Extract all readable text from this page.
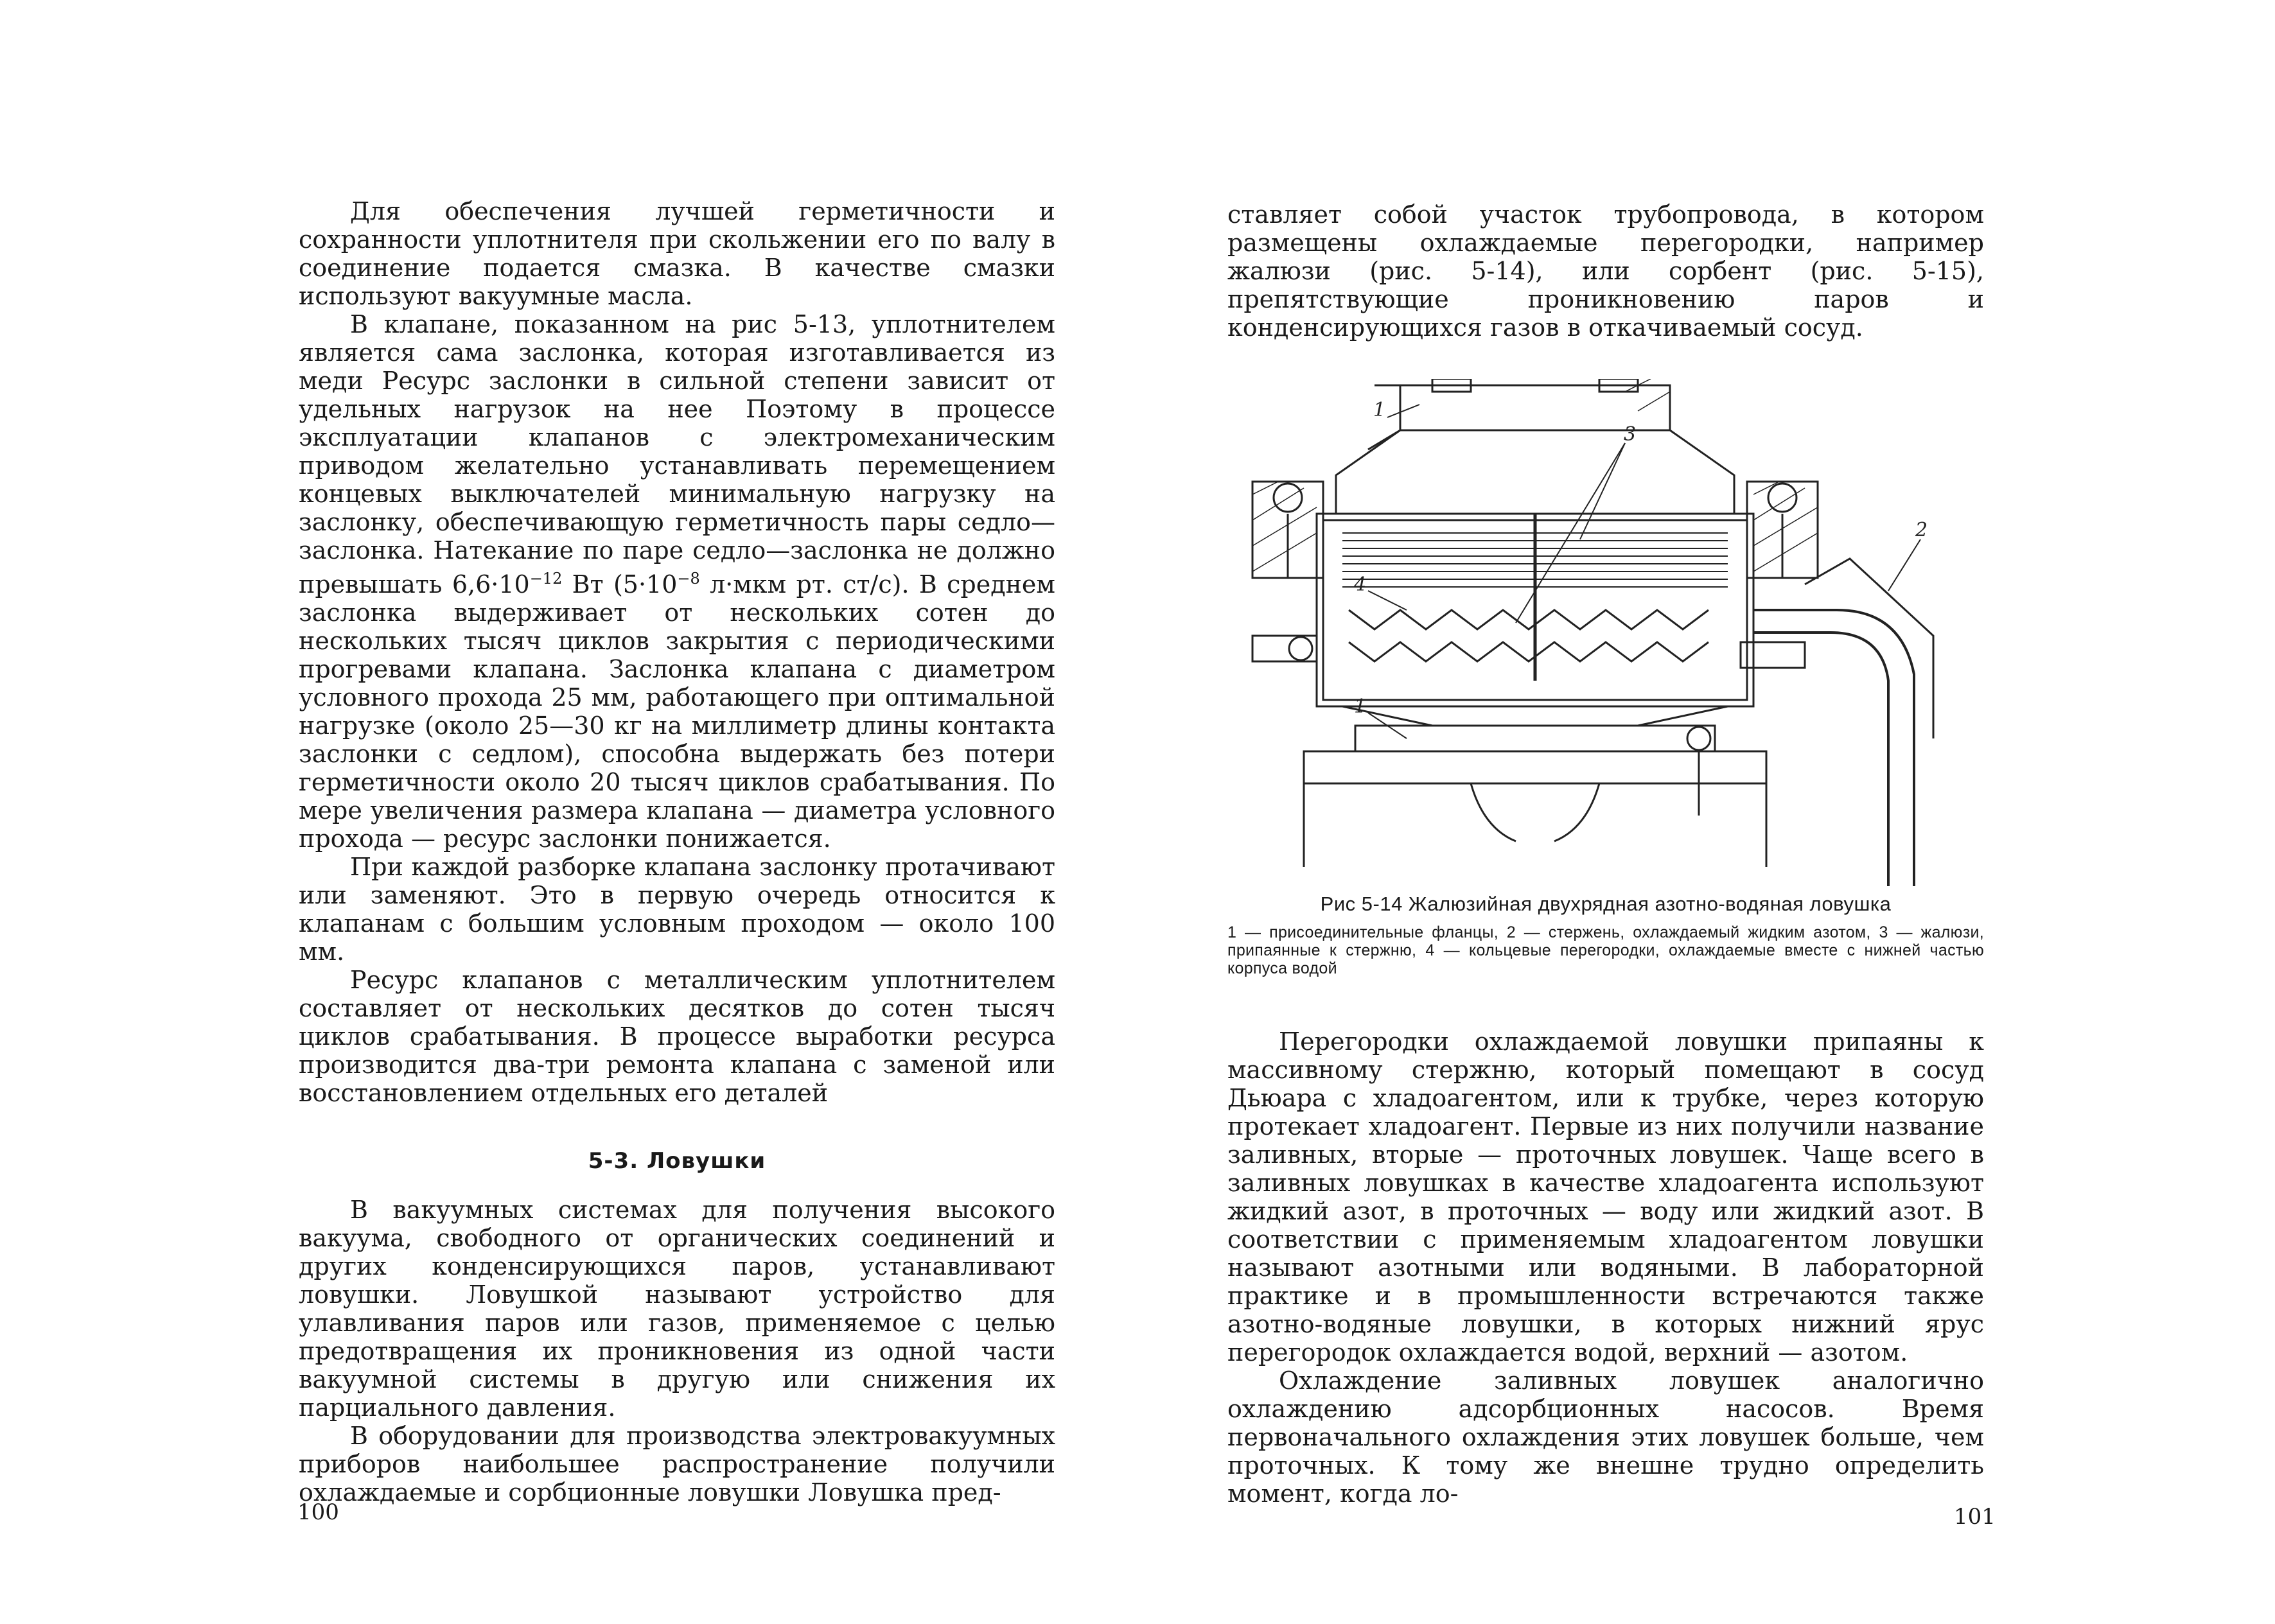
Для обеспечения лучшей герметичности и сохранности уплотнителя при скольжении его по валу в соединение подается смазка. В качестве смазки используют вакуумные масла.

В клапане, показанном на рис 5-13, уплотнителем является сама заслонка, которая изготавливается из меди Ресурс заслонки в сильной степени зависит от удельных нагрузок на нее Поэтому в процессе эксплуатации клапанов с электромеханическим приводом желательно устанавливать перемещением концевых выключателей минимальную нагрузку на заслонку, обеспечивающую герметичность пары седло—заслонка. Натекание по паре седло—заслонка не должно превышать $6,6\cdot 10^{-12}$ Вт ($5\cdot 10^{-8}$ л·мкм рт. ст/с). В среднем заслонка выдерживает от нескольких сотен до нескольких тысяч циклов закрытия с периодическими прогревами клапана. Заслонка клапана с диаметром условного прохода 25 мм, работающего при оптимальной нагрузке (около 25—30 кг на миллиметр длины контакта заслонки с седлом), способна выдержать без потери герметичности около 20 тысяч циклов срабатывания. По мере увеличения размера клапана — диаметра условного прохода — ресурс заслонки понижается.

При каждой разборке клапана заслонку протачивают или заменяют. Это в первую очередь относится к клапанам с большим условным проходом — около 100 мм.

Ресурс клапанов с металлическим уплотнителем составляет от нескольких десятков до сотен тысяч циклов срабатывания. В процессе выработки ресурса производится два-три ремонта клапана с заменой или восстановлением отдельных его деталей

5-3. Ловушки

В вакуумных системах для получения высокого вакуума, свободного от органических соединений и других конденсирующихся паров, устанавливают ловушки. Ловушкой называют устройство для улавливания паров или газов, применяемое с целью предотвращения их проникновения из одной части вакуумной системы в другую или снижения их парциального давления.

В оборудовании для производства электровакуумных приборов наибольшее распространение получили охлаждаемые и сорбционные ловушки Ловушка пред-

100

ставляет собой участок трубопровода, в котором размещены охлаждаемые перегородки, например жалюзи (рис. 5-14), или сорбент (рис. 5-15), препятствующие проникновению паров и конденсирующихся газов в откачиваемый сосуд.

1
2
3
4
1
Рис 5-14 Жалюзийная двухрядная азотно-водяная ловушка
1 — присоединительные фланцы, 2 — стержень, охлаждаемый жидким азотом, 3 — жалюзи, припаянные к стержню, 4 — кольцевые перегородки, охлаждаемые вместе с нижней частью корпуса водой

Перегородки охлаждаемой ловушки припаяны к массивному стержню, который помещают в сосуд Дьюара с хладоагентом, или к трубке, через которую протекает хладоагент. Первые из них получили название заливных, вторые — проточных ловушек. Чаще всего в заливных ловушках в качестве хладоагента используют жидкий азот, в проточных — воду или жидкий азот. В соответствии с применяемым хладоагентом ловушки называют азотными или водяными. В лабораторной практике и в промышленности встречаются также азотно-водяные ловушки, в которых нижний ярус перегородок охлаждается водой, верхний — азотом.

Охлаждение заливных ловушек аналогично охлаждению адсорбционных насосов. Время первоначального охлаждения этих ловушек больше, чем проточных. К тому же внешне трудно определить момент, когда ло-

101
